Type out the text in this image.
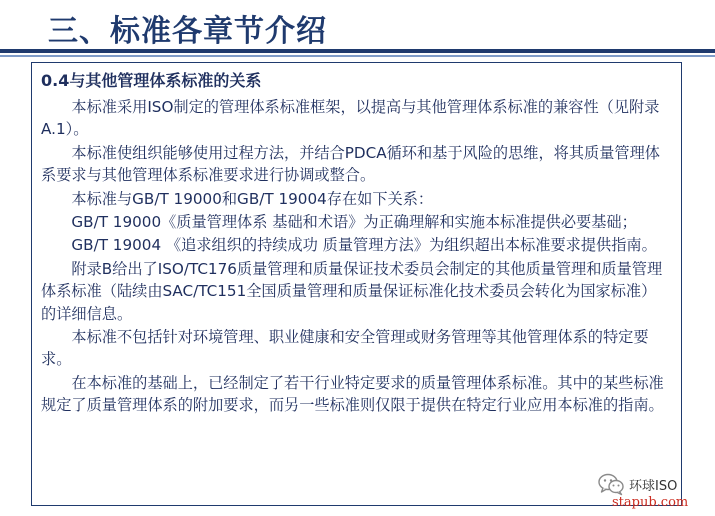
三、标准各章节介绍
0.4与其他管理体系标准的关系

本标准采用ISO制定的管理体系标准框架，以提高与其他管理体系标准的兼容性（见附录A.1）。

本标准使组织能够使用过程方法，并结合PDCA循环和基于风险的思维，将其质量管理体系要求与其他管理体系标准要求进行协调或整合。

本标准与GB/T 19000和GB/T 19004存在如下关系：

GB/T 19000《质量管理体系 基础和术语》为正确理解和实施本标准提供必要基础；

GB/T 19004 《追求组织的持续成功 质量管理方法》为组织超出本标准要求提供指南。

附录B给出了ISO/TC176质量管理和质量保证技术委员会制定的其他质量管理和质量管理体系标准（陆续由SAC/TC151全国质量管理和质量保证标准化技术委员会转化为国家标准）的详细信息。

本标准不包括针对环境管理、职业健康和安全管理或财务管理等其他管理体系的特定要求。

在本标准的基础上，已经制定了若干行业特定要求的质量管理体系标准。其中的某些标准规定了质量管理体系的附加要求，而另一些标准则仅限于提供在特定行业应用本标准的指南。

环球ISO
stapub.com
